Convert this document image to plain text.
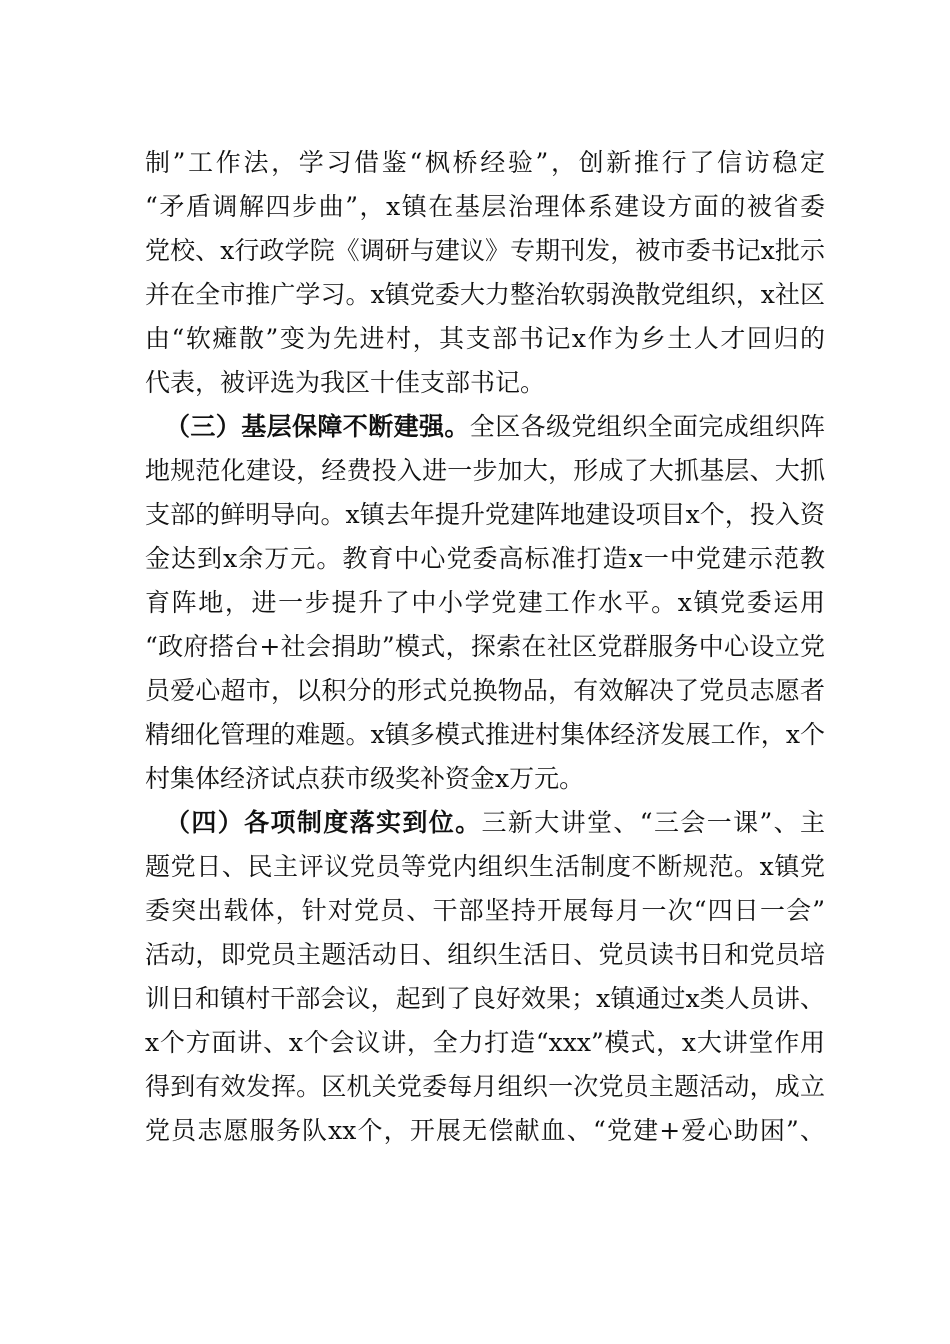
制”工作法，学习借鉴“枫桥经验”，创新推行了信访稳定
“矛盾调解四步曲”，x镇在基层治理体系建设方面的被省委
党校、x行政学院《调研与建议》专期刊发，被市委书记x批示
并在全市推广学习。x镇党委大力整治软弱涣散党组织，x社区
由“软瘫散”变为先进村，其支部书记x作为乡土人才回归的
代表，被评选为我区十佳支部书记。
（三）基层保障不断建强。全区各级党组织全面完成组织阵
地规范化建设，经费投入进一步加大，形成了大抓基层、大抓
支部的鲜明导向。x镇去年提升党建阵地建设项目x个，投入资
金达到x余万元。教育中心党委高标准打造x一中党建示范教
育阵地，进一步提升了中小学党建工作水平。x镇党委运用
“政府搭台+社会捐助”模式，探索在社区党群服务中心设立党
员爱心超市，以积分的形式兑换物品，有效解决了党员志愿者
精细化管理的难题。x镇多模式推进村集体经济发展工作，x个
村集体经济试点获市级奖补资金x万元。
（四）各项制度落实到位。三新大讲堂、“三会一课”、主
题党日、民主评议党员等党内组织生活制度不断规范。x镇党
委突出载体，针对党员、干部坚持开展每月一次“四日一会”
活动，即党员主题活动日、组织生活日、党员读书日和党员培
训日和镇村干部会议，起到了良好效果；x镇通过x类人员讲、
x个方面讲、x个会议讲，全力打造“xxx”模式，x大讲堂作用
得到有效发挥。区机关党委每月组织一次党员主题活动，成立
党员志愿服务队xx个，开展无偿献血、“党建+爱心助困”、
